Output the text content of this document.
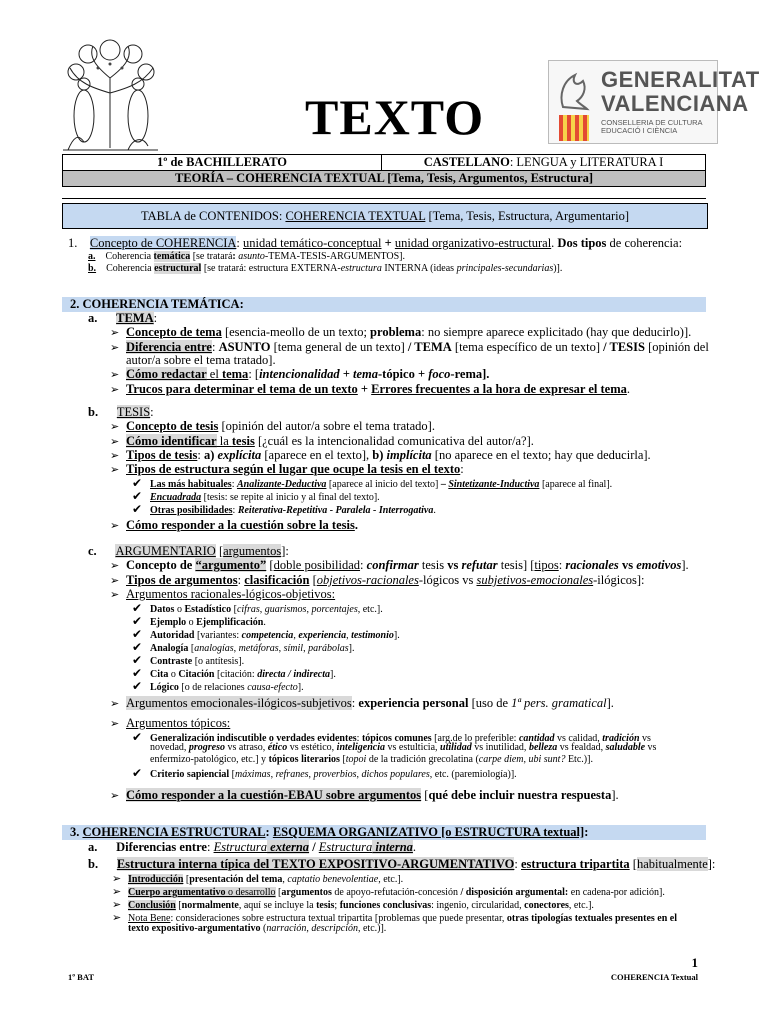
TEXTO
GENERALITAT
VALENCIANA
CONSELLERIA DE CULTURA
EDUCACIÓ I CIÈNCIA
1º de BACHILLERATO	CASTELLANO: LENGUA y LITERATURA I
TEORÍA – COHERENCIA TEXTUAL [Tema, Tesis, Argumentos, Estructura]
TABLA de CONTENIDOS: COHERENCIA TEXTUAL [Tema, Tesis, Estructura, Argumentario]
1. Concepto de COHERENCIA: unidad temático-conceptual + unidad organizativo-estructural. Dos tipos de coherencia:
a. Coherencia temática [se tratará: asunto-TEMA-TESIS-ARGUMENTOS].
b. Coherencia estructural [se tratará: estructura EXTERNA-estructura INTERNA (ideas principales-secundarias)].
2. COHERENCIA TEMÁTICA:
a. TEMA:
➢ Concepto de tema [esencia-meollo de un texto; problema: no siempre aparece explicitado (hay que deducirlo)].
➢ Diferencia entre: ASUNTO [tema general de un texto] / TEMA [tema específico de un texto] / TESIS [opinión del
autor/a sobre el tema tratado].
➢ Cómo redactar el tema: [intencionalidad + tema-tópico + foco-rema].
➢ Trucos para determinar el tema de un texto + Errores frecuentes a la hora de expresar el tema.
b. TESIS:
➢ Concepto de tesis [opinión del autor/a sobre el tema tratado].
➢ Cómo identificar la tesis [¿cuál es la intencionalidad comunicativa del autor/a?].
➢ Tipos de tesis: a) explícita [aparece en el texto], b) implícita [no aparece en el texto; hay que deducirla].
➢ Tipos de estructura según el lugar que ocupe la tesis en el texto:
✔ Las más habituales: Analizante-Deductiva [aparece al inicio del texto] – Sintetizante-Inductiva [aparece al final].
✔ Encuadrada [tesis: se repite al inicio y al final del texto].
✔ Otras posibilidades: Reiterativa-Repetitiva - Paralela - Interrogativa.
➢ Cómo responder a la cuestión sobre la tesis.
c. ARGUMENTARIO [argumentos]:
➢ Concepto de “argumento” [doble posibilidad: confirmar tesis vs refutar tesis] [tipos: racionales vs emotivos].
➢ Tipos de argumentos: clasificación [objetivos-racionales-lógicos vs subjetivos-emocionales-ilógicos]:
➢ Argumentos racionales-lógicos-objetivos:
✔ Datos o Estadístico [cifras, guarismos, porcentajes, etc.].
✔ Ejemplo o Ejemplificación.
✔ Autoridad [variantes: competencia, experiencia, testimonio].
✔ Analogía [analogías, metáforas, símil, parábolas].
✔ Contraste [o antítesis].
✔ Cita o Citación [citación: directa / indirecta].
✔ Lógico [o de relaciones causa-efecto].
➢ Argumentos emocionales-ilógicos-subjetivos: experiencia personal [uso de 1ª pers. gramatical].
➢ Argumentos tópicos:
✔ Generalización indiscutible o verdades evidentes: tópicos comunes [arg.de lo preferible: cantidad vs calidad, tradición vs
novedad, progreso vs atraso, ético vs estético, inteligencia vs estulticia, utilidad vs inutilidad, belleza vs fealdad, saludable vs
enfermizo-patológico, etc.] y tópicos literarios [topoi de la tradición grecolatina (carpe diem, ubi sunt? Etc.)].
✔ Criterio sapiencial [máximas, refranes, proverbios, dichos populares, etc. (paremiología)].
➢ Cómo responder a la cuestión-EBAU sobre argumentos [qué debe incluir nuestra respuesta].
3. COHERENCIA ESTRUCTURAL: ESQUEMA ORGANIZATIVO [o ESTRUCTURA textual]:
a. Diferencias entre: Estructura externa / Estructura interna.
b. Estructura interna típica del TEXTO EXPOSITIVO-ARGUMENTATIVO: estructura tripartita [habitualmente]:
➢ Introducción [presentación del tema, captatio benevolentiae, etc.].
➢ Cuerpo argumentativo o desarrollo [argumentos de apoyo-refutación-concesión / disposición argumental: en cadena-por adición].
➢ Conclusión [normalmente, aquí se incluye la tesis; funciones conclusivas: ingenio, circularidad, conectores, etc.].
➢ Nota Bene: consideraciones sobre estructura textual tripartita [problemas que puede presentar, otras tipologías textuales presentes en el
texto expositivo-argumentativo (narración, descripción, etc.)].
1
1º BAT	COHERENCIA Textual
